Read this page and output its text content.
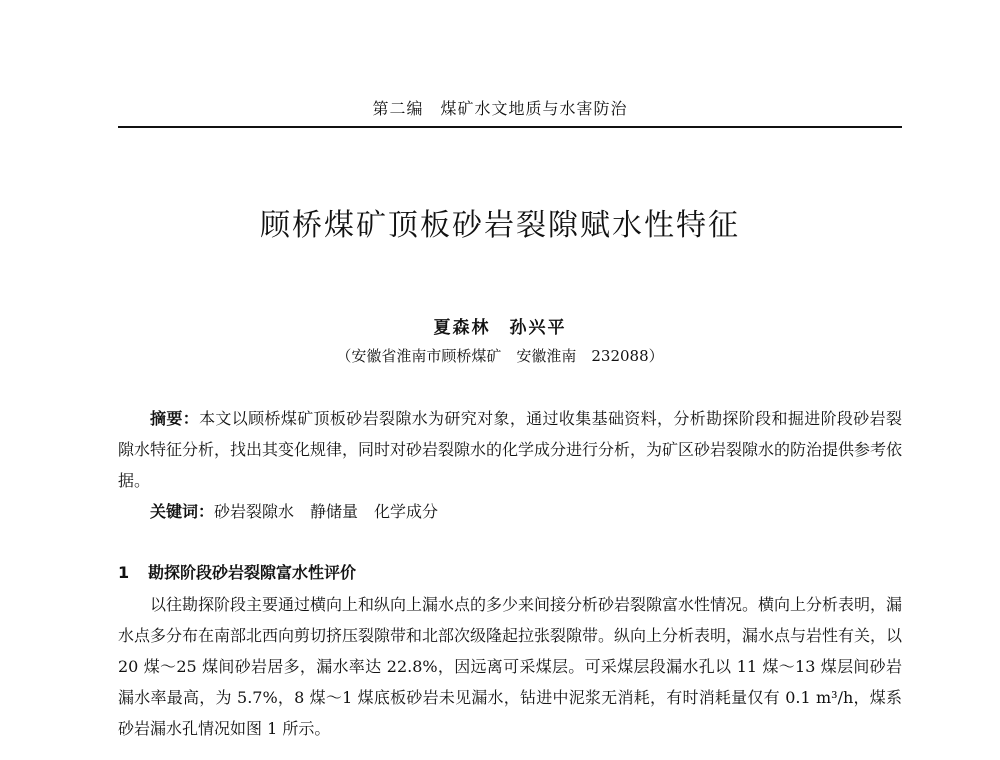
第二编　煤矿水文地质与水害防治
顾桥煤矿顶板砂岩裂隙赋水性特征
夏森林　孙兴平
（安徽省淮南市顾桥煤矿　安徽淮南　232088）

摘要：本文以顾桥煤矿顶板砂岩裂隙水为研究对象，通过收集基础资料，分析勘探阶段和掘进阶段砂岩裂隙水特征分析，找出其变化规律，同时对砂岩裂隙水的化学成分进行分析，为矿区砂岩裂隙水的防治提供参考依据。

关键词：砂岩裂隙水　静储量　化学成分

1 勘探阶段砂岩裂隙富水性评价

以往勘探阶段主要通过横向上和纵向上漏水点的多少来间接分析砂岩裂隙富水性情况。横向上分析表明，漏水点多分布在南部北西向剪切挤压裂隙带和北部次级隆起拉张裂隙带。纵向上分析表明，漏水点与岩性有关，以 20 煤～25 煤间砂岩居多，漏水率达 22.8%，因远离可采煤层。可采煤层段漏水孔以 11 煤～13 煤层间砂岩漏水率最高，为 5.7%，8 煤～1 煤底板砂岩未见漏水，钻进中泥浆无消耗，有时消耗量仅有 0.1 m³/h，煤系砂岩漏水孔情况如图 1 所示。
